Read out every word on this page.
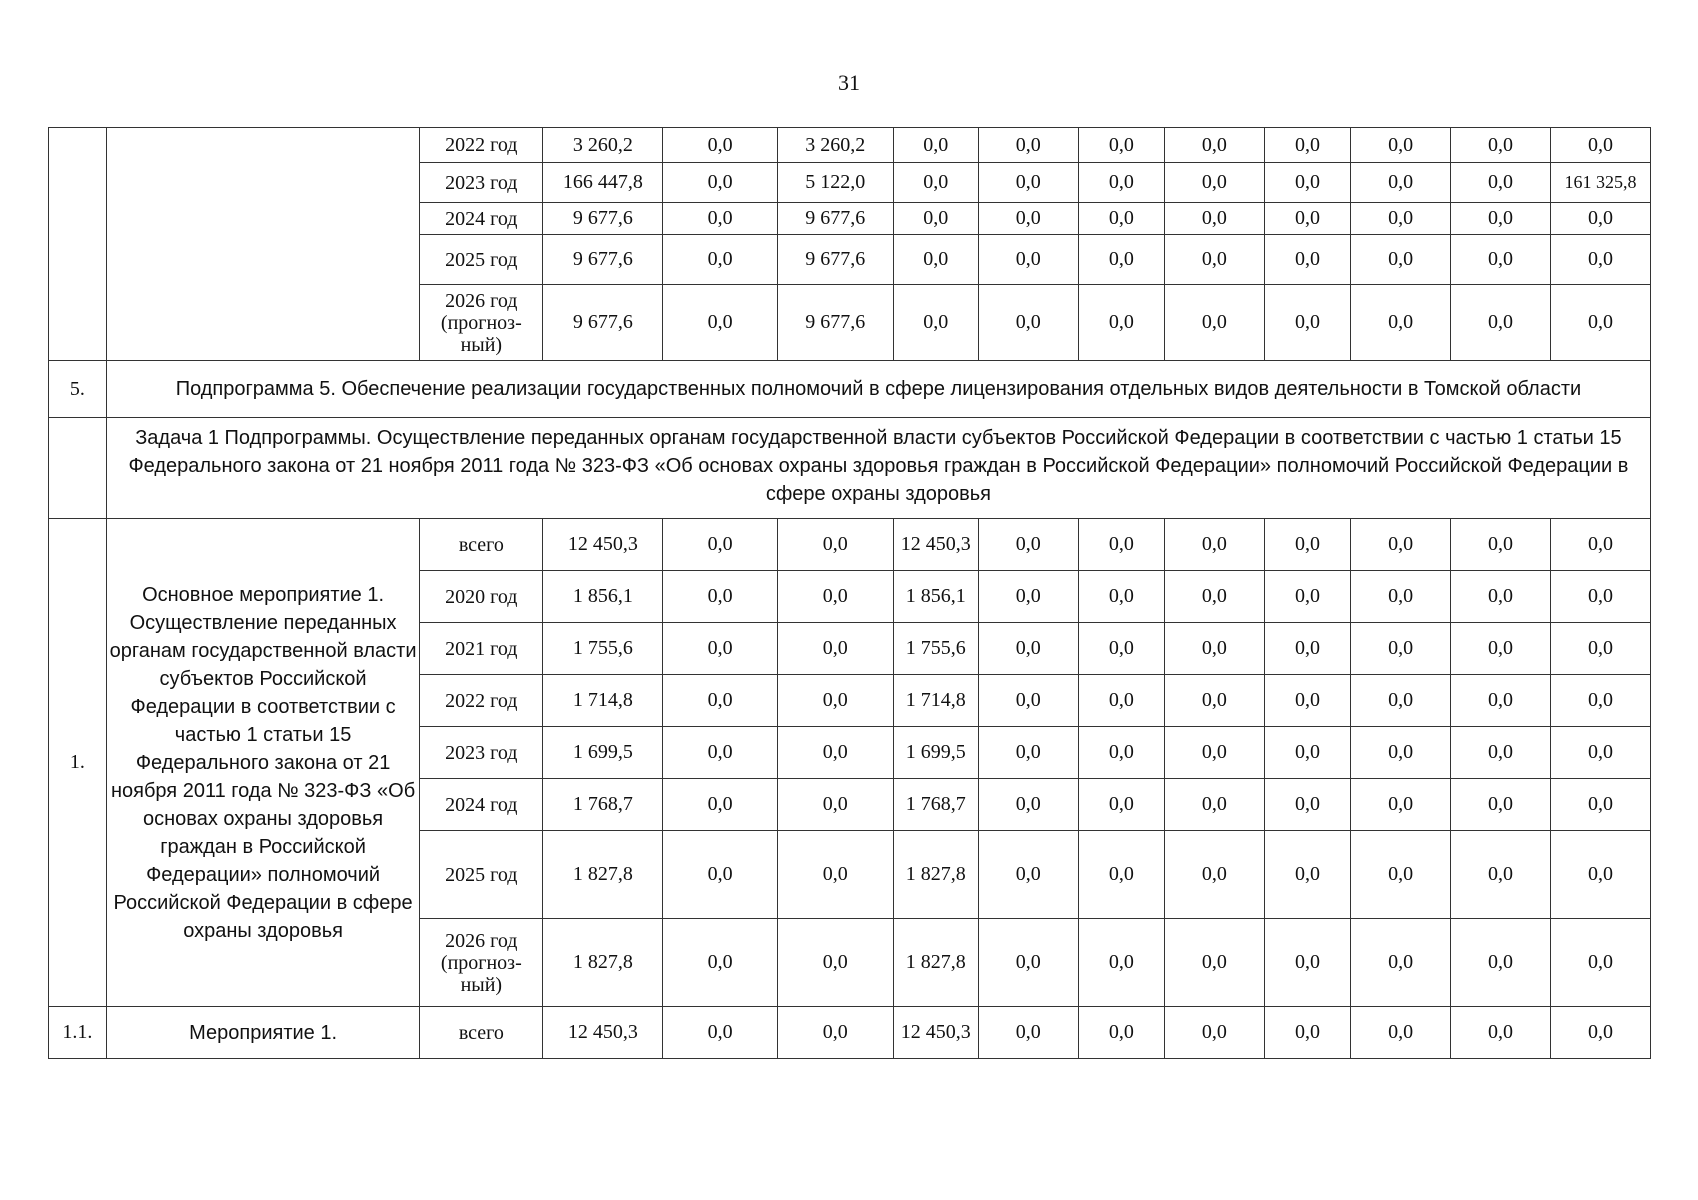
31
		2022 год	3 260,2	0,0	3 260,2	0,0	0,0	0,0	0,0	0,0	0,0	0,0	0,0
		2023 год	166 447,8	0,0	5 122,0	0,0	0,0	0,0	0,0	0,0	0,0	0,0	161 325,8
		2024 год	9 677,6	0,0	9 677,6	0,0	0,0	0,0	0,0	0,0	0,0	0,0	0,0
		2025 год	9 677,6	0,0	9 677,6	0,0	0,0	0,0	0,0	0,0	0,0	0,0	0,0
		2026 год (прогноз-ный)	9 677,6	0,0	9 677,6	0,0	0,0	0,0	0,0	0,0	0,0	0,0	0,0
5.	Подпрограмма 5. Обеспечение реализации государственных полномочий в сфере лицензирования отдельных видов деятельности в Томской области												
	Задача 1 Подпрограммы. Осуществление переданных органам государственной власти субъектов Российской Федерации в соответствии с частью 1 статьи 15 Федерального закона от 21 ноября 2011 года № 323-ФЗ «Об основах охраны здоровья граждан в Российской Федерации» полномочий Российской Федерации в сфере охраны здоровья												
1.	Основное мероприятие 1. Осуществление переданных органам государственной власти субъектов Российской Федерации в соответствии с частью 1 статьи 15 Федерального закона от 21 ноября 2011 года № 323-ФЗ «Об основах охраны здоровья граждан в Российской Федерации» полномочий Российской Федерации в сфере охраны здоровья	всего	12 450,3	0,0	0,0	12 450,3	0,0	0,0	0,0	0,0	0,0	0,0	0,0
		2020 год	1 856,1	0,0	0,0	1 856,1	0,0	0,0	0,0	0,0	0,0	0,0	0,0
		2021 год	1 755,6	0,0	0,0	1 755,6	0,0	0,0	0,0	0,0	0,0	0,0	0,0
		2022 год	1 714,8	0,0	0,0	1 714,8	0,0	0,0	0,0	0,0	0,0	0,0	0,0
		2023 год	1 699,5	0,0	0,0	1 699,5	0,0	0,0	0,0	0,0	0,0	0,0	0,0
		2024 год	1 768,7	0,0	0,0	1 768,7	0,0	0,0	0,0	0,0	0,0	0,0	0,0
		2025 год	1 827,8	0,0	0,0	1 827,8	0,0	0,0	0,0	0,0	0,0	0,0	0,0
		2026 год (прогноз-ный)	1 827,8	0,0	0,0	1 827,8	0,0	0,0	0,0	0,0	0,0	0,0	0,0
1.1.	Мероприятие 1.	всего	12 450,3	0,0	0,0	12 450,3	0,0	0,0	0,0	0,0	0,0	0,0	0,0
